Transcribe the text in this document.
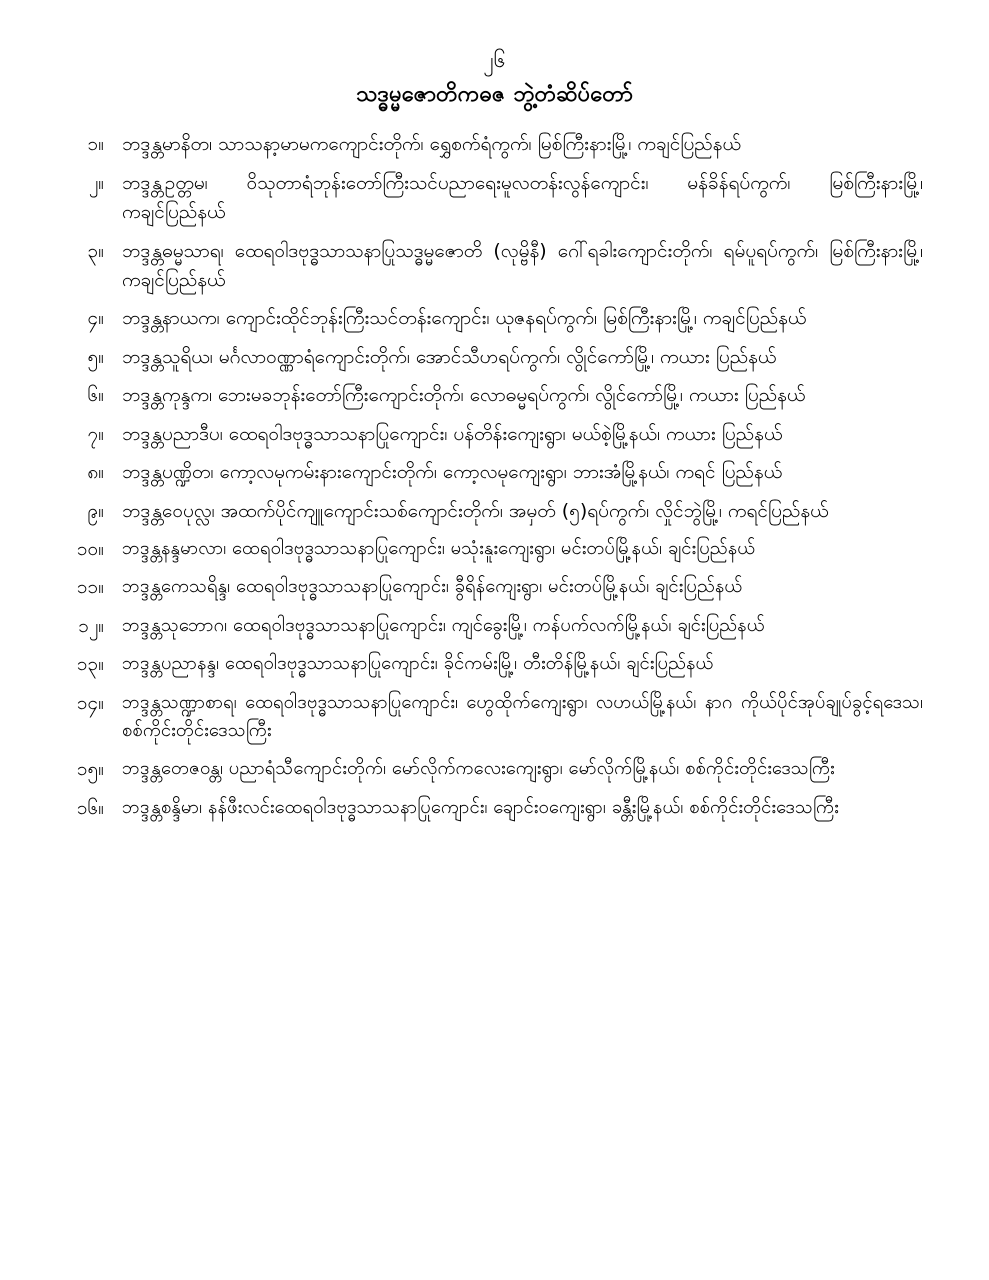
၂၆
သဒ္ဓမ္မဇောတိကဓဇ ဘွဲ့တံဆိပ်တော်
၁။ ဘဒ္ဒန္တမာနိတ၊ သာသနာ့မာမကကျောင်းတိုက်၊ ရွှေစက်ရံကွက်၊ မြစ်ကြီးနားမြို့၊ ကချင်ပြည်နယ်
၂။ ဘဒ္ဒန္တဥတ္တမ၊ ဝိသုတာရံဘုန်းတော်ကြီးသင်ပညာရေးမူလတန်းလွန်ကျောင်း၊ မန်ခိန်ရပ်ကွက်၊ မြစ်ကြီးနားမြို့၊ ကချင်ပြည်နယ်
၃။ ဘဒ္ဒန္တဓမ္မသာရ၊ ထေရဝါဒဗုဒ္ဓသာသနာပြုသဒ္ဓမ္မဇောတိ (လုမ္ဗိနီ) ဂေါ်ရခါးကျောင်းတိုက်၊ ရမ်ပူရပ်ကွက်၊ မြစ်ကြီးနားမြို့၊ ကချင်ပြည်နယ်
၄။ ဘဒ္ဒန္တနာယက၊ ကျောင်းထိုင်ဘုန်းကြီးသင်တန်းကျောင်း၊ ယုဇနရပ်ကွက်၊ မြစ်ကြီးနားမြို့၊ ကချင်ပြည်နယ်
၅။ ဘဒ္ဒန္တသူရိယ၊ မင်္ဂလာဝဏ္ဏာရံကျောင်းတိုက်၊ အောင်သီဟရပ်ကွက်၊ လွိုင်ကော်မြို့၊ ကယား ပြည်နယ်
၆။ ဘဒ္ဒန္တကုန္ဒက၊ ဘေးမခဘုန်းတော်ကြီးကျောင်းတိုက်၊ လောဓမ္မရပ်ကွက်၊ လွိုင်ကော်မြို့၊ ကယား ပြည်နယ်
၇။ ဘဒ္ဒန္တပညာဒီပ၊ ထေရဝါဒဗုဒ္ဓသာသနာပြုကျောင်း၊ ပန်တိန်းကျေးရွာ၊ မယ်စဲ့မြို့နယ်၊ ကယား ပြည်နယ်
၈။ ဘဒ္ဒန္တပဏ္ဍိတ၊ ကော့လမုကမ်းနားကျောင်းတိုက်၊ ကော့လမုကျေးရွာ၊ ဘားအံမြို့နယ်၊ ကရင် ပြည်နယ်
၉။ ဘဒ္ဒန္တဝေပုလ္လ၊ အထက်ပိုင်ကျူကျောင်းသစ်ကျောင်းတိုက်၊ အမှတ် (၅)ရပ်ကွက်၊ လှိုင်ဘွဲမြို့၊ ကရင်ပြည်နယ်
၁၀။ ဘဒ္ဒန္တနန္ဒမာလာ၊ ထေရဝါဒဗုဒ္ဓသာသနာပြုကျောင်း၊ မသုံးနူးကျေးရွာ၊ မင်းတပ်မြို့နယ်၊ ချင်းပြည်နယ်
၁၁။ ဘဒ္ဒန္တကေသရိန္ဒ၊ ထေရဝါဒဗုဒ္ဓသာသနာပြုကျောင်း၊ ခွီရိန်ကျေးရွာ၊ မင်းတပ်မြို့နယ်၊ ချင်းပြည်နယ်
၁၂။ ဘဒ္ဒန္တသုဘောဂ၊ ထေရဝါဒဗုဒ္ဓသာသနာပြုကျောင်း၊ ကျင်ခွေးမြို့၊ ကန်ပက်လက်မြို့နယ်၊ ချင်းပြည်နယ်
၁၃။ ဘဒ္ဒန္တပညာနန္ဒ၊ ထေရဝါဒဗုဒ္ဓသာသနာပြုကျောင်း၊ ခိုင်ကမ်းမြို့၊ တီးတိန်မြို့နယ်၊ ချင်းပြည်နယ်
၁၄။ ဘဒ္ဒန္တသဏ္ဍာစာရ၊ ထေရဝါဒဗုဒ္ဓသာသနာပြုကျောင်း၊ ဟွေထိုက်ကျေးရွာ၊ လဟယ်မြို့နယ်၊ နာဂ ကိုယ်ပိုင်အုပ်ချုပ်ခွင့်ရဒေသ၊ စစ်ကိုင်းတိုင်းဒေသကြီး
၁၅။ ဘဒ္ဒန္တတေဇဝန္တ၊ ပညာရံသီကျောင်းတိုက်၊ မော်လိုက်ကလေးကျေးရွာ၊ မော်လိုက်မြို့နယ်၊ စစ်ကိုင်းတိုင်းဒေသကြီး
၁၆။ ဘဒ္ဒန္တစန္ဒိမာ၊ နန်ဖီးလင်းထေရဝါဒဗုဒ္ဓသာသနာပြုကျောင်း၊ ချောင်းဝကျေးရွာ၊ ခန္တီးမြို့နယ်၊ စစ်ကိုင်းတိုင်းဒေသကြီး
